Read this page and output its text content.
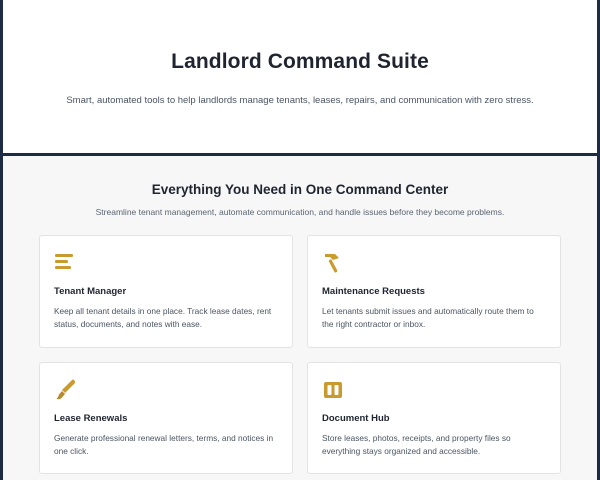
Landlord Command Suite

Smart, automated tools to help landlords manage tenants, leases, repairs, and communication with zero stress.

Everything You Need in One Command Center

Streamline tenant management, automate communication, and handle issues before they become problems.

Tenant Manager

Keep all tenant details in one place. Track lease dates, rent status, documents, and notes with ease.

Maintenance Requests

Let tenants submit issues and automatically route them to the right contractor or inbox.

Lease Renewals

Generate professional renewal letters, terms, and notices in one click.

Document Hub

Store leases, photos, receipts, and property files so everything stays organized and accessible.
